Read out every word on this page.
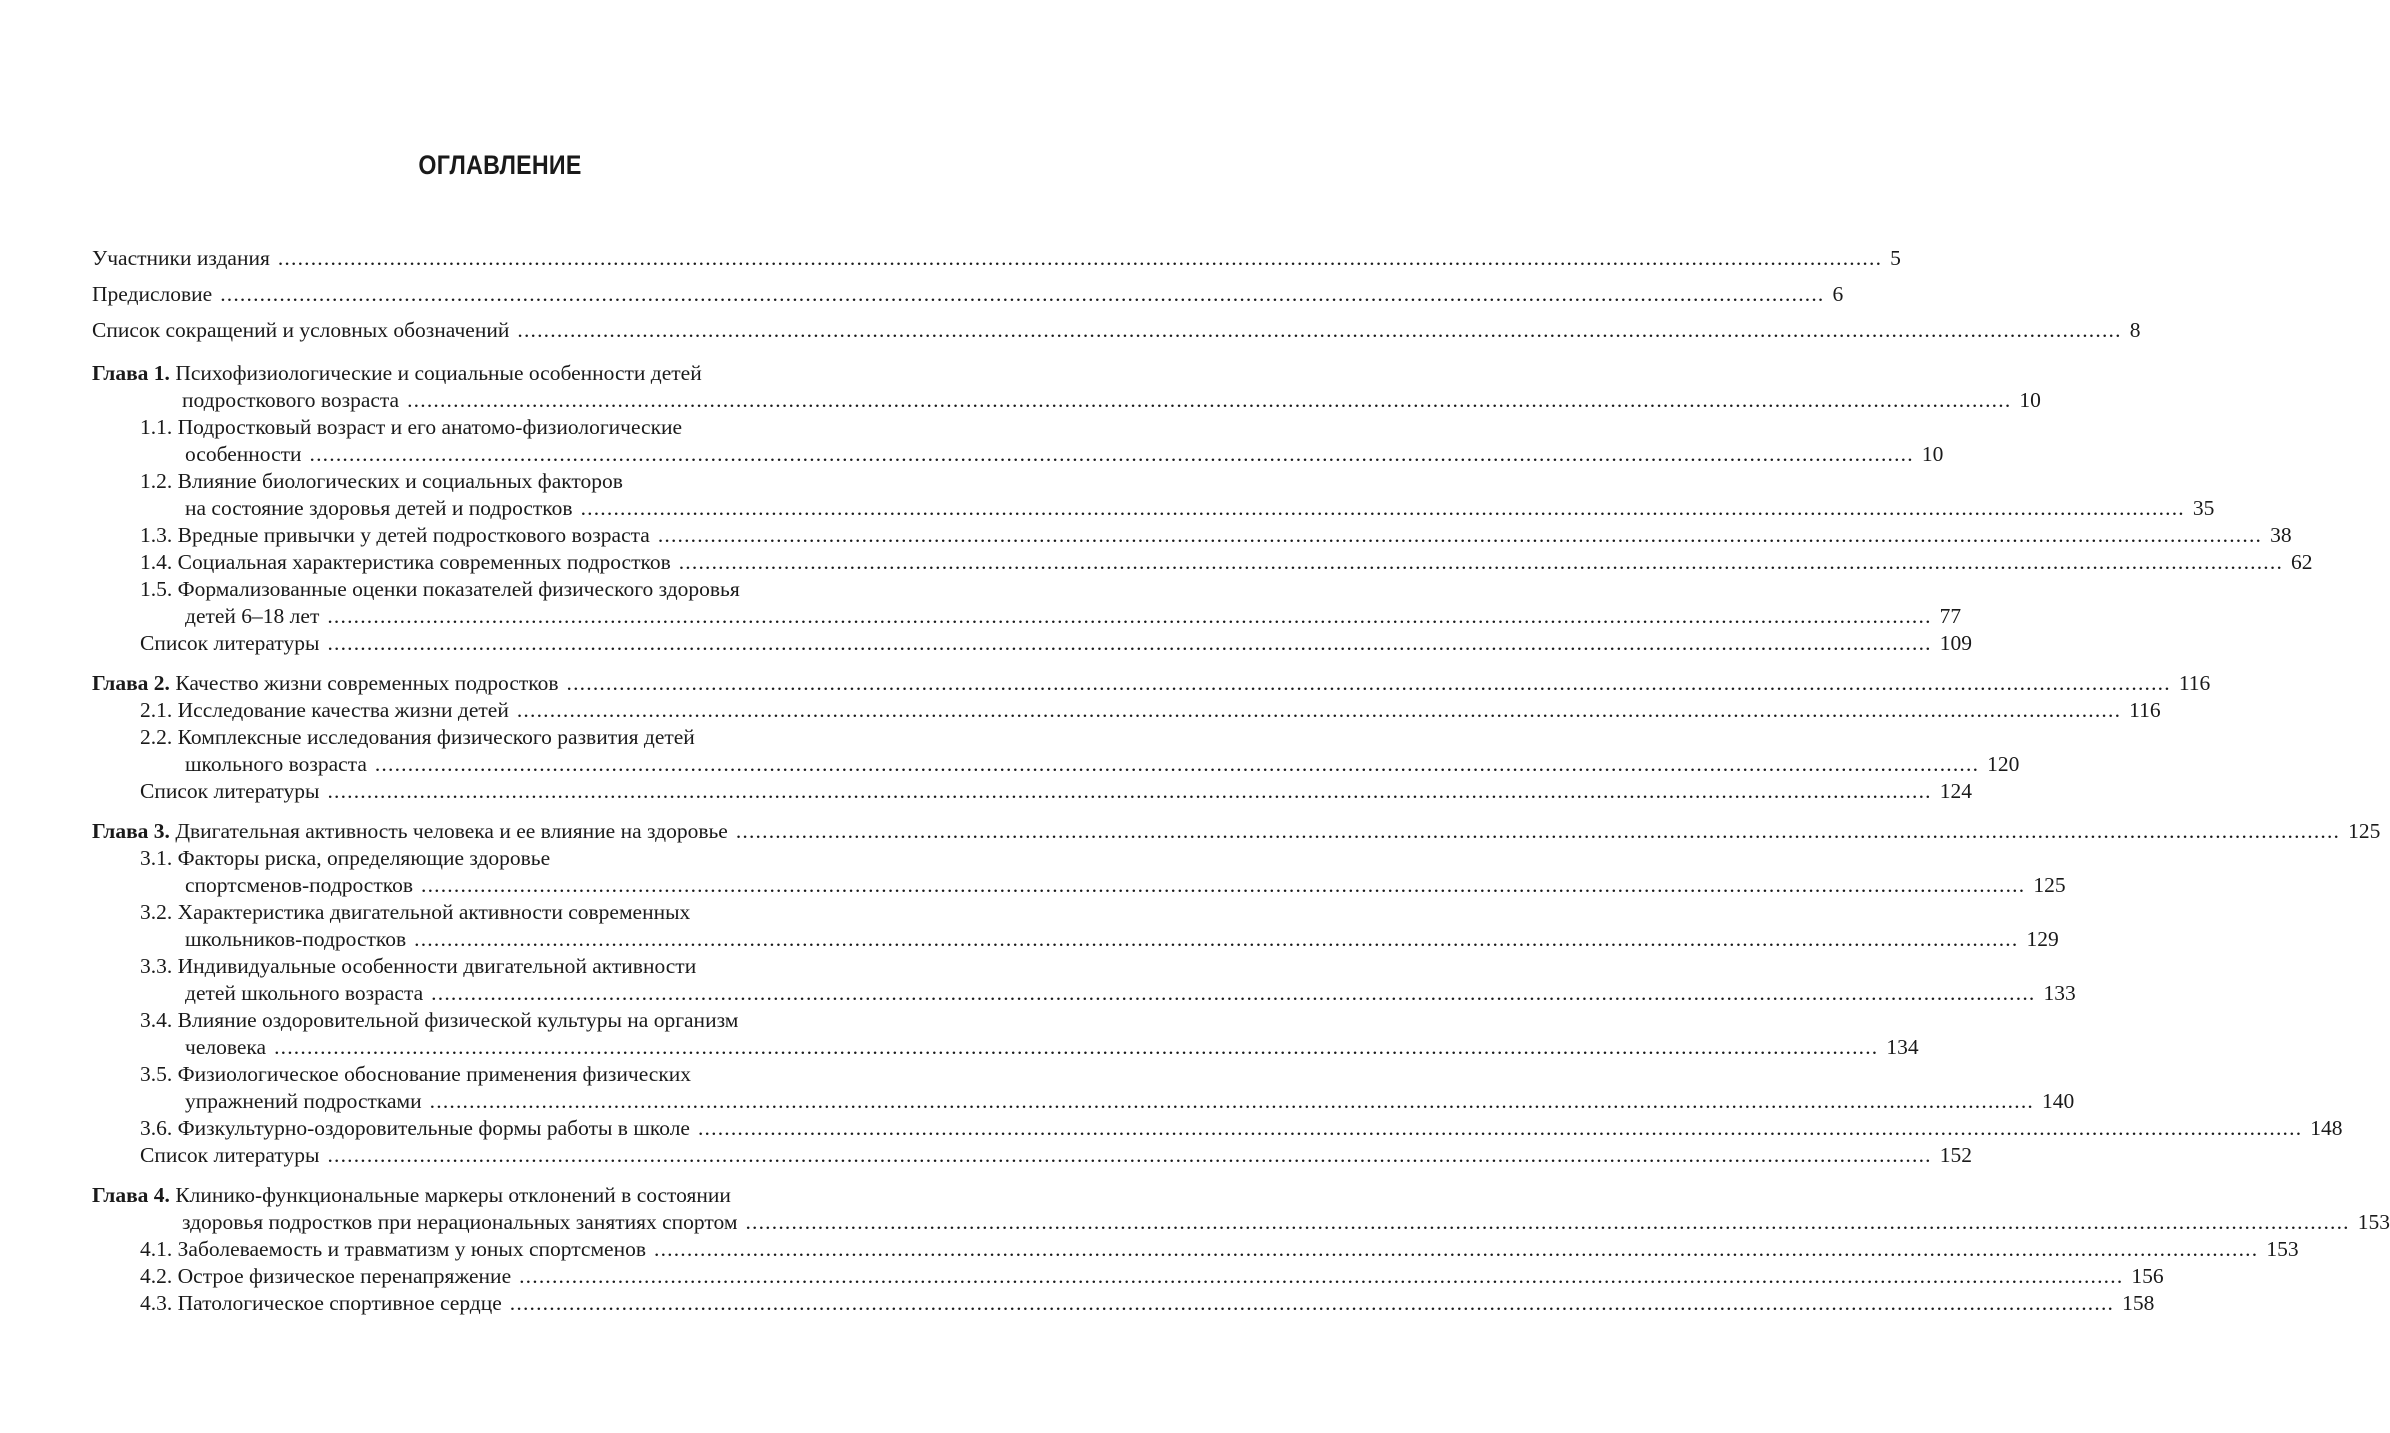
ОГЛАВЛЕНИЕ
Участники издания .....	5
Предисловие .....	6
Список сокращений и условных обозначений .....	8
Глава 1. Психофизиологические и социальные особенности детей
подросткового возраста .....	10
1.1. Подростковый возраст и его анатомо-физиологические
особенности .....	10
1.2. Влияние биологических и социальных факторов
на состояние здоровья детей и подростков .....	35
1.3. Вредные привычки у детей подросткового возраста .....	38
1.4. Социальная характеристика современных подростков .....	62
1.5. Формализованные оценки показателей физического здоровья
детей 6–18 лет .....	77
Список литературы .....	109
Глава 2. Качество жизни современных подростков .....	116
2.1. Исследование качества жизни детей .....	116
2.2. Комплексные исследования физического развития детей
школьного возраста .....	120
Список литературы .....	124
Глава 3. Двигательная активность человека и ее влияние на здоровье .....	125
3.1. Факторы риска, определяющие здоровье
спортсменов-подростков .....	125
3.2. Характеристика двигательной активности современных
школьников-подростков .....	129
3.3. Индивидуальные особенности двигательной активности
детей школьного возраста .....	133
3.4. Влияние оздоровительной физической культуры на организм
человека .....	134
3.5. Физиологическое обоснование применения физических
упражнений подростками .....	140
3.6. Физкультурно-оздоровительные формы работы в школе .....	148
Список литературы .....	152
Глава 4. Клинико-функциональные маркеры отклонений в состоянии
здоровья подростков при нерациональных занятиях спортом .....	153
4.1. Заболеваемость и травматизм у юных спортсменов .....	153
4.2. Острое физическое перенапряжение .....	156
4.3. Патологическое спортивное сердце .....	158
